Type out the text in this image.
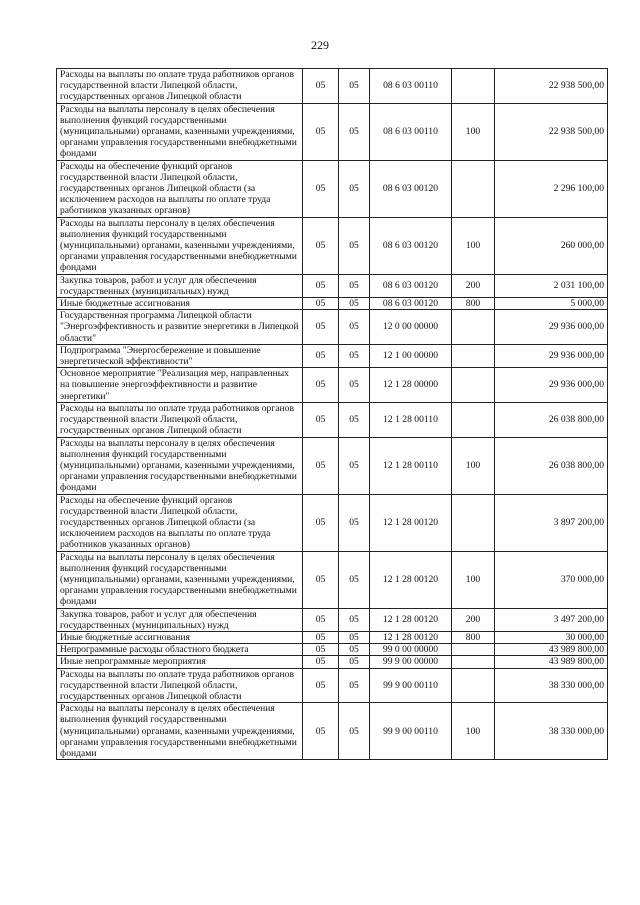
229
Расходы на выплаты по оплате труда работников органов государственной власти Липецкой области, государственных органов Липецкой области	05	05	08 6 03 00110		22 938 500,00
Расходы на выплаты персоналу в целях обеспечения выполнения функций государственными (муниципальными) органами, казенными учреждениями, органами управления государственными внебюджетными фондами	05	05	08 6 03 00110	100	22 938 500,00
Расходы на обеспечение функций органов государственной власти Липецкой области, государственных органов Липецкой области (за исключением расходов на выплаты по оплате труда работников указанных органов)	05	05	08 6 03 00120		2 296 100,00
Расходы на выплаты персоналу в целях обеспечения выполнения функций государственными (муниципальными) органами, казенными учреждениями, органами управления государственными внебюджетными фондами	05	05	08 6 03 00120	100	260 000,00
Закупка товаров, работ и услуг для обеспечения государственных (муниципальных) нужд	05	05	08 6 03 00120	200	2 031 100,00
Иные бюджетные ассигнования	05	05	08 6 03 00120	800	5 000,00
Государственная программа Липецкой области "Энергоэффективность и развитие энергетики в Липецкой области"	05	05	12 0 00 00000		29 936 000,00
Подпрограмма "Энергосбережение и повышение энергетической эффективности"	05	05	12 1 00 00000		29 936 000,00
Основное мероприятие "Реализация мер, направленных на повышение энергоэффективности и развитие энергетики"	05	05	12 1 28 00000		29 936 000,00
Расходы на выплаты по оплате труда работников органов государственной власти Липецкой области, государственных органов Липецкой области	05	05	12 1 28 00110		26 038 800,00
Расходы на выплаты персоналу в целях обеспечения выполнения функций государственными (муниципальными) органами, казенными учреждениями, органами управления государственными внебюджетными фондами	05	05	12 1 28 00110	100	26 038 800,00
Расходы на обеспечение функций органов государственной власти Липецкой области, государственных органов Липецкой области (за исключением расходов на выплаты по оплате труда работников указанных органов)	05	05	12 1 28 00120		3 897 200,00
Расходы на выплаты персоналу в целях обеспечения выполнения функций государственными (муниципальными) органами, казенными учреждениями, органами управления государственными внебюджетными фондами	05	05	12 1 28 00120	100	370 000,00
Закупка товаров, работ и услуг для обеспечения государственных (муниципальных) нужд	05	05	12 1 28 00120	200	3 497 200,00
Иные бюджетные ассигнования	05	05	12 1 28 00120	800	30 000,00
Непрограммные расходы областного бюджета	05	05	99 0 00 00000		43 989 800,00
Иные непрограммные мероприятия	05	05	99 9 00 00000		43 989 800,00
Расходы на выплаты по оплате труда работников органов государственной власти Липецкой области, государственных органов Липецкой области	05	05	99 9 00 00110		38 330 000,00
Расходы на выплаты персоналу в целях обеспечения выполнения функций государственными (муниципальными) органами, казенными учреждениями, органами управления государственными внебюджетными фондами	05	05	99 9 00 00110	100	38 330 000,00
